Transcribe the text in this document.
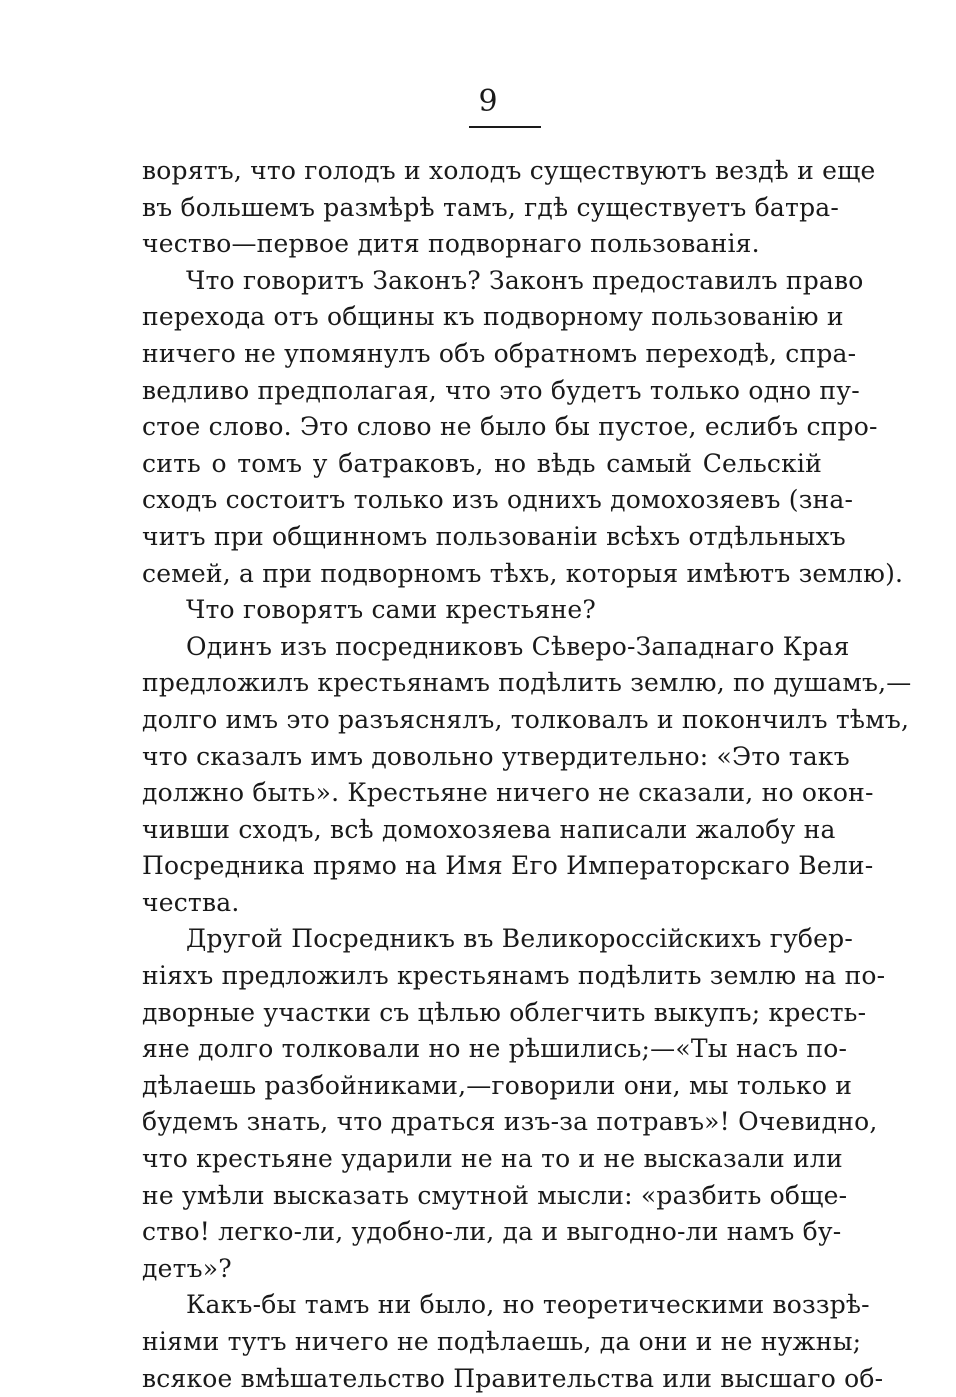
9
ворятъ, что голодъ и холодъ существуютъ вездѣ и еще
въ большемъ размѣрѣ тамъ, гдѣ существуетъ батра-
чество—первое дитя подворнаго пользованія.
Что говоритъ Законъ? Законъ предоставилъ право
перехода отъ общины къ подворному пользованію и
ничего не упомянулъ объ обратномъ переходѣ, спра-
ведливо предполагая, что это будетъ только одно пу-
стое слово. Это слово не было бы пустое, еслибъ спро-
сить о томъ у батраковъ, но вѣдь самый Сельскій
сходъ состоитъ только изъ однихъ домохозяевъ (зна-
читъ при общинномъ пользованіи всѣхъ отдѣльныхъ
семей, а при подворномъ тѣхъ, которыя имѣютъ землю).
Что говорятъ сами крестьяне?
Одинъ изъ посредниковъ Сѣверо-Западнаго Края
предложилъ крестьянамъ подѣлить землю, по душамъ,—
долго имъ это разъяснялъ, толковалъ и покончилъ тѣмъ,
что сказалъ имъ довольно утвердительно: «Это такъ
должно быть». Крестьяне ничего не сказали, но окон-
чивши сходъ, всѣ домохозяева написали жалобу на
Посредника прямо на Имя Его Императорскаго Вели-
чества.
Другой Посредникъ въ Великороссійскихъ губер-
ніяхъ предложилъ крестьянамъ подѣлить землю на по-
дворные участки съ цѣлью облегчить выкупъ; кресть-
яне долго толковали но не рѣшились;—«Ты насъ по-
дѣлаешь разбойниками,—говорили они, мы только и
будемъ знать, что драться изъ-за потравъ»! Очевидно,
что крестьяне ударили не на то и не высказали или
не умѣли высказать смутной мысли: «разбить обще-
ство! легко-ли, удобно-ли, да и выгодно-ли намъ бу-
детъ»?
Какъ-бы тамъ ни было, но теоретическими воззрѣ-
ніями тутъ ничего не подѣлаешь, да они и не нужны;
всякое вмѣшательство Правительства или высшаго об-
